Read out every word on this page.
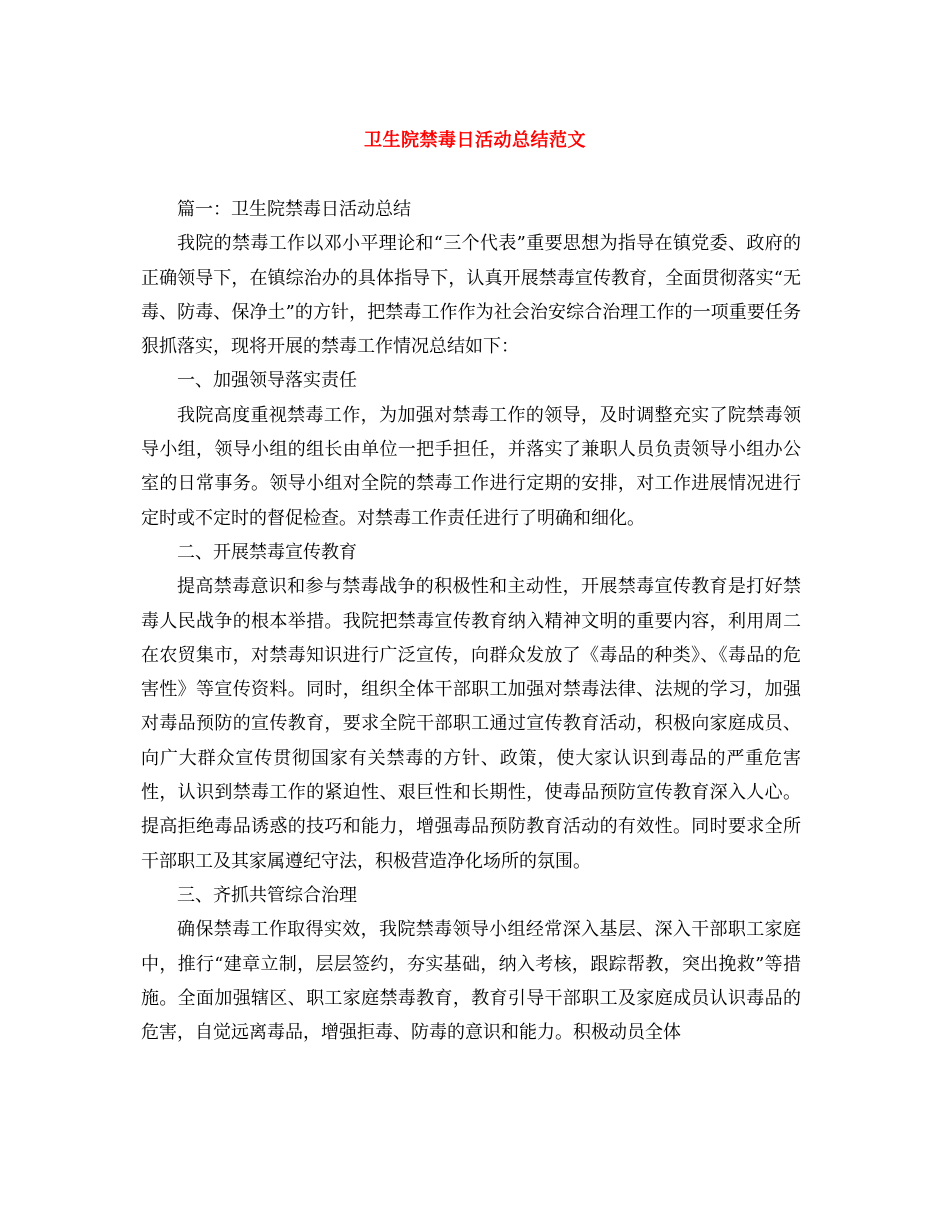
卫生院禁毒日活动总结范文

篇一：卫生院禁毒日活动总结

我院的禁毒工作以邓小平理论和“三个代表”重要思想为指导在镇党委、政府的正确领导下，在镇综治办的具体指导下，认真开展禁毒宣传教育，全面贯彻落实“无毒、防毒、保净土”的方针，把禁毒工作作为社会治安综合治理工作的一项重要任务狠抓落实，现将开展的禁毒工作情况总结如下：

一、加强领导落实责任

我院高度重视禁毒工作，为加强对禁毒工作的领导，及时调整充实了院禁毒领导小组，领导小组的组长由单位一把手担任，并落实了兼职人员负责领导小组办公室的日常事务。领导小组对全院的禁毒工作进行定期的安排，对工作进展情况进行定时或不定时的督促检查。对禁毒工作责任进行了明确和细化。

二、开展禁毒宣传教育

提高禁毒意识和参与禁毒战争的积极性和主动性，开展禁毒宣传教育是打好禁毒人民战争的根本举措。我院把禁毒宣传教育纳入精神文明的重要内容，利用周二在农贸集市，对禁毒知识进行广泛宣传，向群众发放了《毒品的种类》、《毒品的危害性》等宣传资料。同时，组织全体干部职工加强对禁毒法律、法规的学习，加强对毒品预防的宣传教育，要求全院干部职工通过宣传教育活动，积极向家庭成员、向广大群众宣传贯彻国家有关禁毒的方针、政策，使大家认识到毒品的严重危害性，认识到禁毒工作的紧迫性、艰巨性和长期性，使毒品预防宣传教育深入人心。提高拒绝毒品诱惑的技巧和能力，增强毒品预防教育活动的有效性。同时要求全所干部职工及其家属遵纪守法，积极营造净化场所的氛围。

三、齐抓共管综合治理

确保禁毒工作取得实效，我院禁毒领导小组经常深入基层、深入干部职工家庭中，推行“建章立制，层层签约，夯实基础，纳入考核，跟踪帮教，突出挽救”等措施。全面加强辖区、职工家庭禁毒教育，教育引导干部职工及家庭成员认识毒品的危害，自觉远离毒品，增强拒毒、防毒的意识和能力。积极动员全体
